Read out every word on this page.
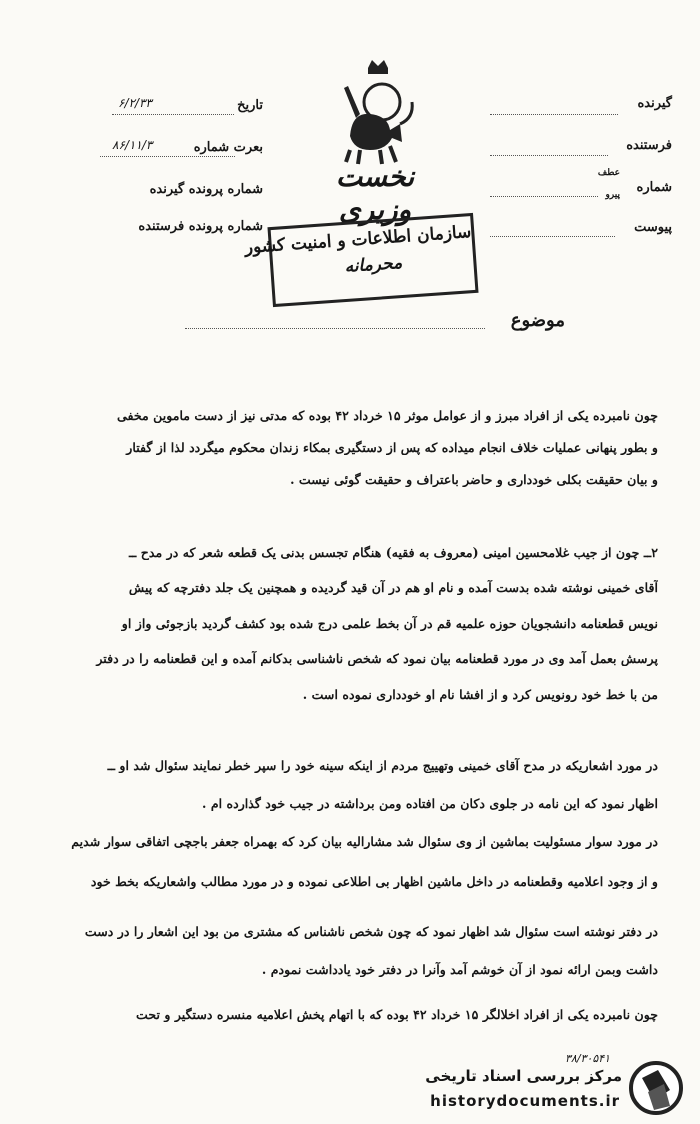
تاریخ
۶/۲/۳۳
بعرت شماره
۸۶/۱۱/۳
شماره پرونده گیرنده
شماره پرونده فرستنده
نخست وزیری
گیرنده
فرستنده
شماره
عطف
پیرو
پیوست
سازمان اطلاعات و امنیت کشور
محرمانه
موضوع
چون نامبرده یکی از افراد مبرز و از عوامل موثر ۱۵ خرداد ۴۲ بوده که مدتی نیز از دست ماموین مخفی
و بطور پنهانی عملیات خلاف انجام میداده که پس از دستگیری بمکاء زندان محکوم میگردد لذا از گفتار
و بیان حقیقت بکلی خودداری و حاضر باعتراف و حقیقت گوئی نیست .
۲ــ چون از جیب غلامحسین امینی (معروف به فقیه) هنگام تجسس بدنی یک قطعه شعر که در مدح ــ
آقای خمینی نوشته شده بدست آمده و نام او هم در آن قید گردیده و همچنین یک جلد دفترچه که پیش
نویس قطعنامه دانشجویان حوزه علمیه قم در آن بخط علمی درج شده بود کشف گردید بازجوئی واز او
پرسش بعمل آمد وی در مورد قطعنامه بیان نمود که شخص ناشناسی بدکانم آمده و این قطعنامه را در دفتر
من با خط خود رونویس کرد و از افشا نام او خودداری نموده است .
در مورد اشعاریکه در مدح آقای خمینی وتهییج مردم از اینکه سینه خود را سپر خطر نمایند سئوال شد او ــ
اظهار نمود که این نامه در جلوی دکان من افتاده ومن برداشته در جیب خود گذارده ام .
در مورد سوار مسئولیت بماشین از وی سئوال شد مشارالیه بیان کرد که بهمراه جعفر باجچی اتفاقی سوار شدیم
و از وجود اعلامیه وقطعنامه در داخل ماشین اظهار بی اطلاعی نموده و در مورد مطالب واشعاریکه بخط خود
در دفتر نوشته است سئوال شد اظهار نمود که چون شخص ناشناس که مشتری من بود این اشعار را در دست
داشت وبمن ارائه نمود از آن خوشم آمد وآنرا در دفتر خود یادداشت نمودم .
چون نامبرده یکی از افراد اخلالگر ۱۵ خرداد ۴۲ بوده که با اتهام پخش اعلامیه منسره دستگیر و تحت
۳۸/۳۰۵۴۱
مرکز بررسی اسناد تاریخی
historydocuments.ir
